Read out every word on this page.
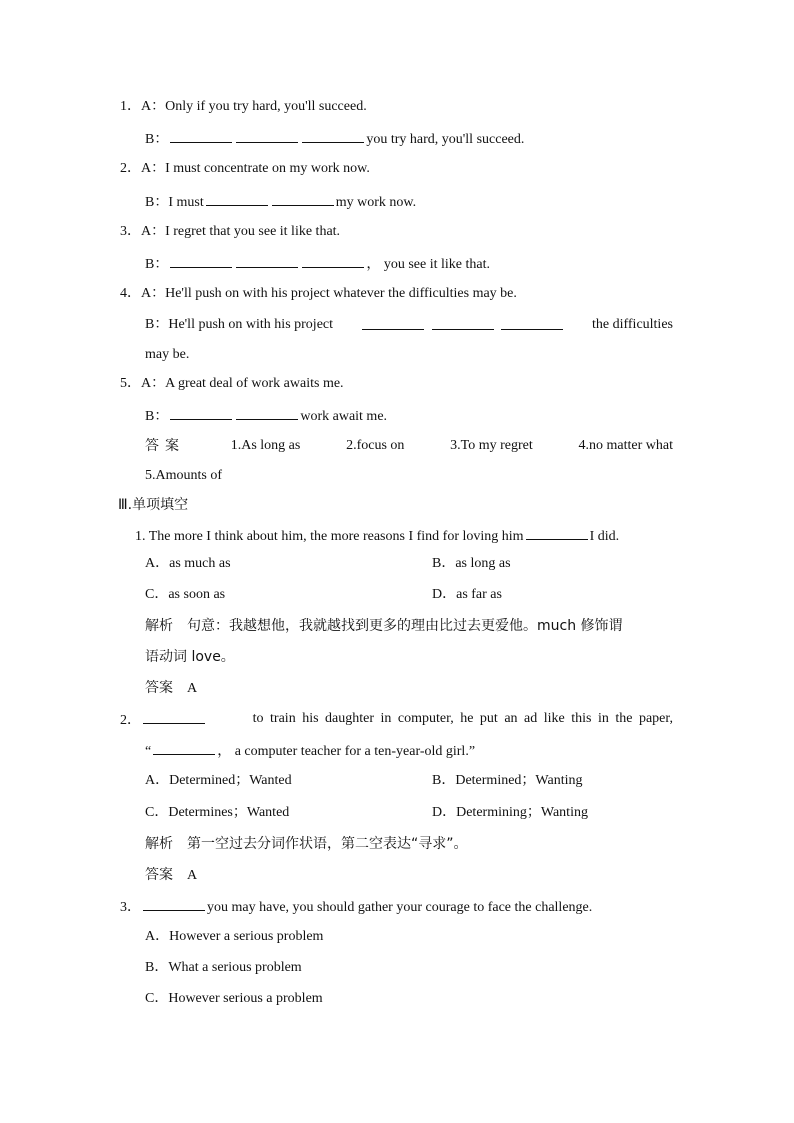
1．A：Only if you try hard, you'll succeed.
B：	you try hard, you'll succeed.
2．A：I must concentrate on my work now.
B：I must	my work now.
3．A：I regret that you see it like that.
B：	， you see it like that.
4．A：He'll push on with his project whatever the difficulties may be.
B：He'll push on with his project
	the difficulties
may be.
5．A：A great deal of work awaits me.
B：	work await me.
答案	1.As long as	2.focus on	3.To my regret	4.no matter what
5.Amounts of
Ⅲ.单项填空
1. The more I think about him, the more reasons I find for loving him	I did.
A．as much as	B．as long as
C．as soon as	D．as far as
解析 句意：我越想他，我就越找到更多的理由比过去更爱他。much 修饰谓
语动词 love。
答案 A
2．	to train his daughter in computer, he put an ad like this in the paper,
“	， a computer teacher for a ten-year-old girl.”
A．Determined；Wanted	B．Determined；Wanting
C．Determines；Wanted	D．Determining；Wanting
解析 第一空过去分词作状语，第二空表达“寻求”。
答案 A
3．	you may have, you should gather your courage to face the challenge.
A．However a serious problem
B．What a serious problem
C．However serious a problem
